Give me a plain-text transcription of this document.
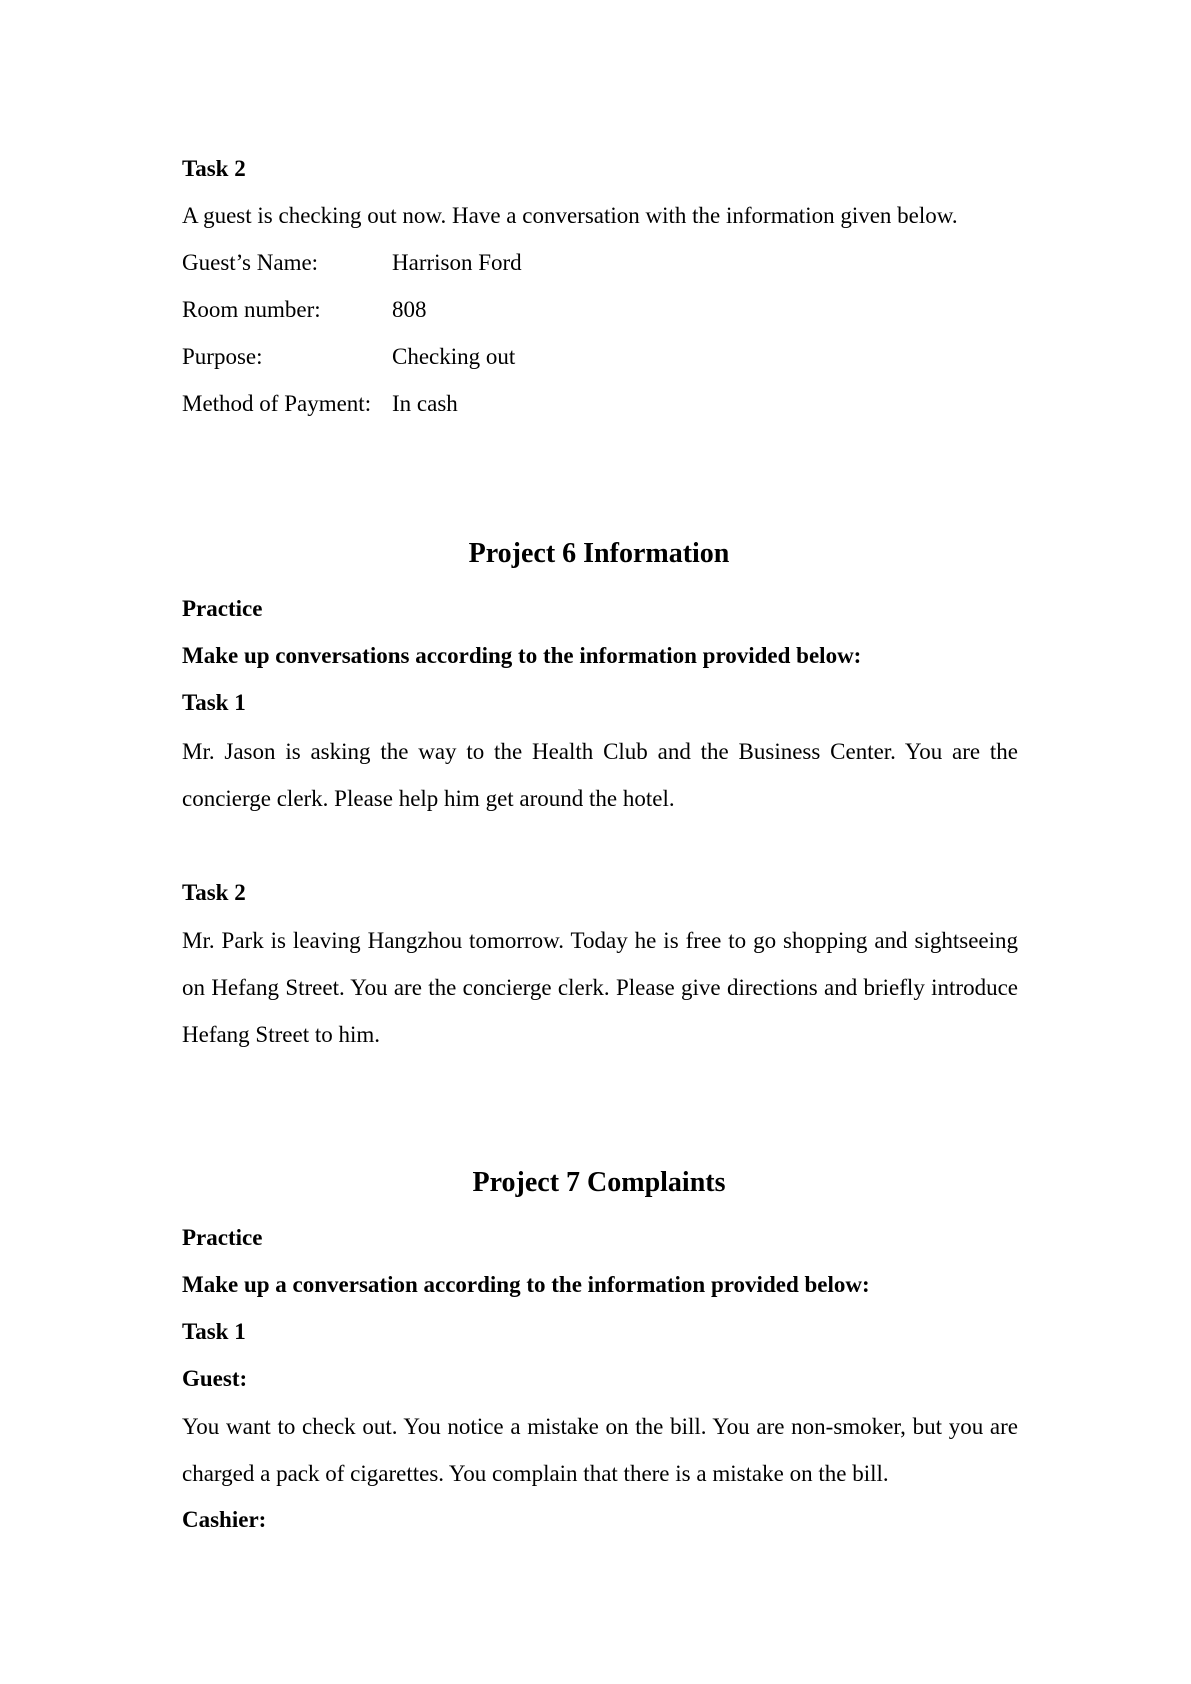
Task 2
A guest is checking out now. Have a conversation with the information given below.
Guest’s Name:	Harrison Ford
Room number:	808
Purpose:	Checking out
Method of Payment: In cash
Project 6 Information
Practice
Make up conversations according to the information provided below:
Task 1
Mr. Jason is asking the way to the Health Club and the Business Center. You are the concierge clerk. Please help him get around the hotel.
Task 2
Mr. Park is leaving Hangzhou tomorrow. Today he is free to go shopping and sightseeing on Hefang Street. You are the concierge clerk. Please give directions and briefly introduce Hefang Street to him.
Project 7 Complaints
Practice
Make up a conversation according to the information provided below:
Task 1
Guest:
You want to check out. You notice a mistake on the bill. You are non-smoker, but you are charged a pack of cigarettes. You complain that there is a mistake on the bill.
Cashier:
